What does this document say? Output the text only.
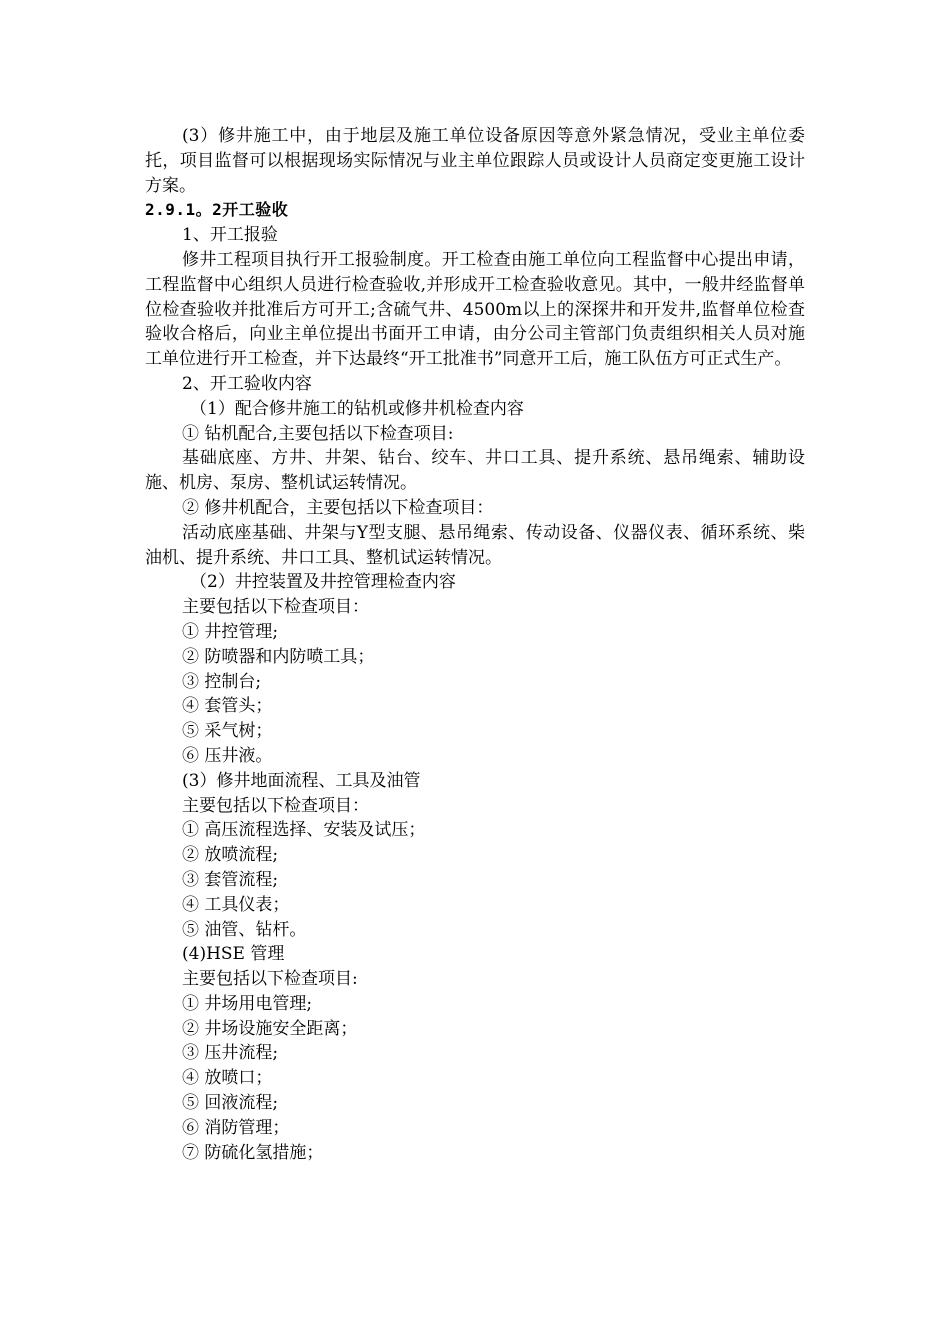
(3）修井施工中，由于地层及施工单位设备原因等意外紧急情况，受业主单位委托，项目监督可以根据现场实际情况与业主单位跟踪人员或设计人员商定变更施工设计方案。

2.9.1。2开工验收

1、开工报验

修井工程项目执行开工报验制度。开工检查由施工单位向工程监督中心提出申请，工程监督中心组织人员进行检查验收,并形成开工检查验收意见。其中，一般井经监督单位检查验收并批准后方可开工;含硫气井、4500m以上的深探井和开发井,监督单位检查验收合格后，向业主单位提出书面开工申请，由分公司主管部门负责组织相关人员对施工单位进行开工检查，并下达最终“开工批准书”同意开工后，施工队伍方可正式生产。

2、开工验收内容

（1）配合修井施工的钻机或修井机检查内容

① 钻机配合,主要包括以下检查项目:

基础底座、方井、井架、钻台、绞车、井口工具、提升系统、悬吊绳索、辅助设施、机房、泵房、整机试运转情况。

② 修井机配合，主要包括以下检查项目：

活动底座基础、井架与Y型支腿、悬吊绳索、传动设备、仪器仪表、循环系统、柴油机、提升系统、井口工具、整机试运转情况。

（2）井控装置及井控管理检查内容

主要包括以下检查项目：

① 井控管理;

② 防喷器和内防喷工具；

③ 控制台;

④ 套管头；

⑤ 采气树；

⑥ 压井液。

(3）修井地面流程、工具及油管

主要包括以下检查项目：

① 高压流程选择、安装及试压；

② 放喷流程;

③ 套管流程;

④ 工具仪表；

⑤ 油管、钻杆。

(4)HSE 管理

主要包括以下检查项目:

① 井场用电管理;

② 井场设施安全距离；

③ 压井流程;

④ 放喷口；

⑤ 回液流程;

⑥ 消防管理；

⑦ 防硫化氢措施；
